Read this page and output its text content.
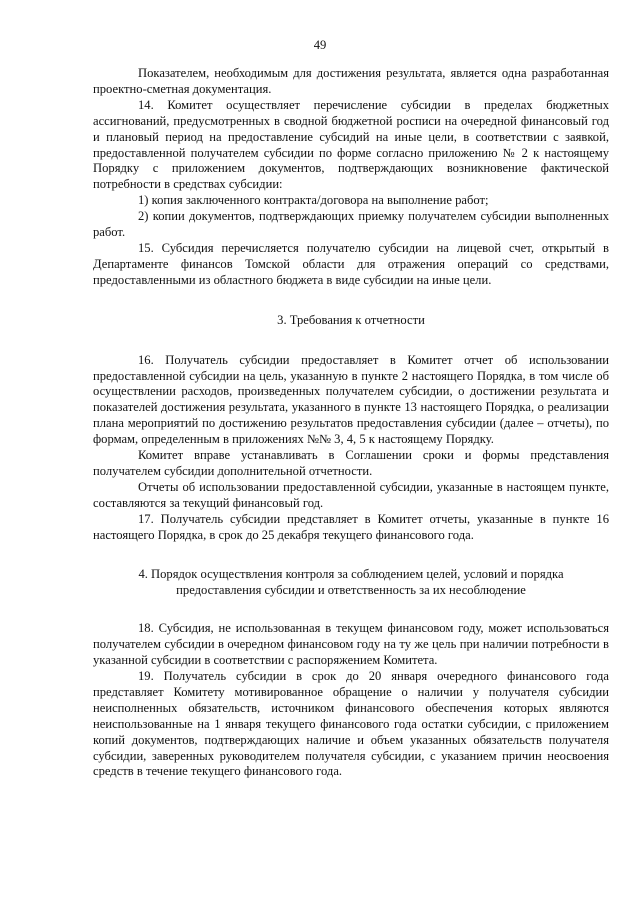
49

Показателем, необходимым для достижения результата, является одна разработанная проектно-сметная документация.

14. Комитет осуществляет перечисление субсидии в пределах бюджетных ассигнований, предусмотренных в сводной бюджетной росписи на очередной финансовый год и плановый период на предоставление субсидий на иные цели, в соответствии с заявкой, предоставленной получателем субсидии по форме согласно приложению № 2 к настоящему Порядку с приложением документов, подтверждающих возникновение фактической потребности в средствах субсидии:

1) копия заключенного контракта/договора на выполнение работ;

2) копии документов, подтверждающих приемку получателем субсидии выполненных работ.

15. Субсидия перечисляется получателю субсидии на лицевой счет, открытый в Департаменте финансов Томской области для отражения операций со средствами, предоставленными из областного бюджета в виде субсидии на иные цели.

3. Требования к отчетности

16. Получатель субсидии предоставляет в Комитет отчет об использовании предоставленной субсидии на цель, указанную в пункте 2 настоящего Порядка, в том числе об осуществлении расходов, произведенных получателем субсидии, о достижении результата и показателей достижения результата, указанного в пункте 13 настоящего Порядка, о реализации плана мероприятий по достижению результатов предоставления субсидии (далее – отчеты), по формам, определенным в приложениях №№ 3, 4, 5 к настоящему Порядку.

Комитет вправе устанавливать в Соглашении сроки и формы представления получателем субсидии дополнительной отчетности.

Отчеты об использовании предоставленной субсидии, указанные в настоящем пункте, составляются за текущий финансовый год.

17. Получатель субсидии представляет в Комитет отчеты, указанные в пункте 16 настоящего Порядка, в срок до 25 декабря текущего финансового года.

4. Порядок осуществления контроля за соблюдением целей, условий и порядка
предоставления субсидии и ответственность за их несоблюдение

18. Субсидия, не использованная в текущем финансовом году, может использоваться получателем субсидии в очередном финансовом году на ту же цель при наличии потребности в указанной субсидии в соответствии с распоряжением Комитета.

19. Получатель субсидии в срок до 20 января очередного финансового года представляет Комитету мотивированное обращение о наличии у получателя субсидии неисполненных обязательств, источником финансового обеспечения которых являются неиспользованные на 1 января текущего финансового года остатки субсидии, с приложением копий документов, подтверждающих наличие и объем указанных обязательств получателя субсидии, заверенных руководителем получателя субсидии, с указанием причин неосвоения средств в течение текущего финансового года.
